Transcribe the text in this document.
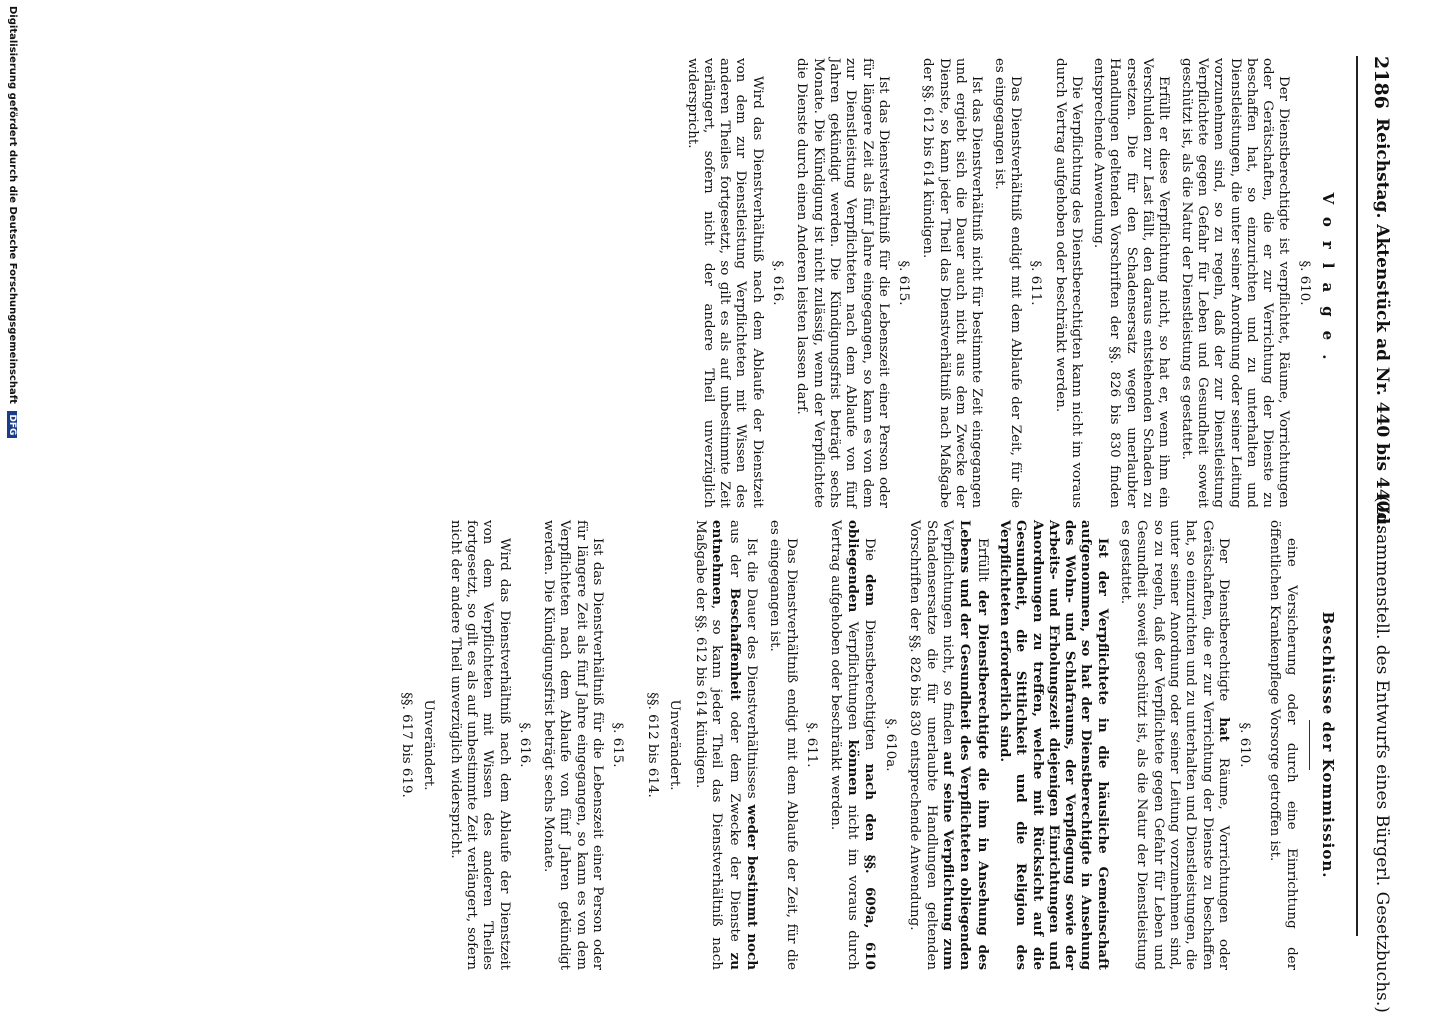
2186
Reichstag. Aktenstück ad Nr. 440 bis 440d.
(Zusammenstell. des Entwurfs eines Bürgerl. Gesetzbuchs.)
Vorlage.
§. 610.

Der Dienstberechtigte ist verpflichtet, Räume, Vorrichtungen oder Gerätschaften, die er zur Verrichtung der Dienste zu beschaffen hat, so einzurichten und zu unterhalten und Dienstleistungen, die unter seiner Anordnung oder seiner Leitung vorzunehmen sind, so zu regeln, daß der zur Dienstleistung Verpflichtete gegen Gefahr für Leben und Gesundheit soweit geschützt ist, als die Natur der Dienstleistung es gestattet.

Erfüllt er diese Verpflichtung nicht, so hat er, wenn ihm ein Verschulden zur Last fällt, den daraus entstehenden Schaden zu ersetzen. Die für den Schadensersatz wegen unerlaubter Handlungen geltenden Vorschriften der §§. 826 bis 830 finden entsprechende Anwendung.

Die Verpflichtung des Dienstberechtigten kann nicht im voraus durch Vertrag aufgehoben oder beschränkt werden.

§. 611.

Das Dienstverhältniß endigt mit dem Ablaufe der Zeit, für die es eingegangen ist.

Ist das Dienstverhältniß nicht für bestimmte Zeit eingegangen und ergiebt sich die Dauer auch nicht aus dem Zwecke der Dienste, so kann jeder Theil das Dienstverhältniß nach Maßgabe der §§. 612 bis 614 kündigen.

§. 615.

Ist das Dienstverhältniß für die Lebenszeit einer Person oder für längere Zeit als fünf Jahre eingegangen, so kann es von dem zur Dienstleistung Verpflichteten nach dem Ablaufe von fünf Jahren gekündigt werden. Die Kündigungsfrist beträgt sechs Monate. Die Kündigung ist nicht zulässig, wenn der Verpflichtete die Dienste durch einen Anderen leisten lassen darf.

§. 616.

Wird das Dienstverhältniß nach dem Ablaufe der Dienstzeit von dem zur Dienstleistung Verpflichteten mit Wissen des anderen Theiles fortgesetzt, so gilt es als auf unbestimmte Zeit verlängert, sofern nicht der andere Theil unverzüglich widerspricht.

Beschlüsse der Kommission.

eine Versicherung oder durch eine Einrichtung der öffentlichen Krankenpflege Vorsorge getroffen ist.

§. 610.

Der Dienstberechtigte hat Räume, Vorrichtungen oder Gerätschaften, die er zur Verrichtung der Dienste zu beschaffen hat, so einzurichten und zu unterhalten und Dienstleistungen, die unter seiner Anordnung oder seiner Leitung vorzunehmen sind, so zu regeln, daß der Verpflichtete gegen Gefahr für Leben und Gesundheit soweit geschützt ist, als die Natur der Dienstleistung es gestattet.

Ist der Verpflichtete in die häusliche Gemeinschaft aufgenommen, so hat der Dienstberechtigte in Ansehung des Wohn- und Schlafraums, der Verpflegung sowie der Arbeits- und Erholungszeit diejenigen Einrichtungen und Anordnungen zu treffen, welche mit Rücksicht auf die Gesundheit, die Sittlichkeit und die Religion des Verpflichteten erforderlich sind.

Erfüllt der Dienstberechtigte die ihm in Ansehung des Lebens und der Gesundheit des Verpflichteten obliegenden Verpflichtungen nicht, so finden auf seine Verpflichtung zum Schadensersatze die für unerlaubte Handlungen geltenden Vorschriften der §§. 826 bis 830 entsprechende Anwendung.

§. 610a.

Die dem Dienstberechtigten nach den §§. 609a, 610 obliegenden Verpflichtungen können nicht im voraus durch Vertrag aufgehoben oder beschränkt werden.

§. 611.

Das Dienstverhältniß endigt mit dem Ablaufe der Zeit, für die es eingegangen ist.

Ist die Dauer des Dienstverhältnisses weder bestimmt noch aus der Beschaffenheit oder dem Zwecke der Dienste zu entnehmen, so kann jeder Theil das Dienstverhältniß nach Maßgabe der §§. 612 bis 614 kündigen.

Unverändert.
§§. 612 bis 614.
§. 615.

Ist das Dienstverhältniß für die Lebenszeit einer Person oder für längere Zeit als fünf Jahre eingegangen, so kann es von dem Verpflichteten nach dem Ablaufe von fünf Jahren gekündigt werden. Die Kündigungsfrist beträgt sechs Monate.

§. 616.

Wird das Dienstverhältniß nach dem Ablaufe der Dienstzeit von dem Verpflichteten mit Wissen des anderen Theiles fortgesetzt, so gilt es als auf unbestimmte Zeit verlängert, sofern nicht der andere Theil unverzüglich widerspricht.

Unverändert.
§§. 617 bis 619.
Digitalisierung gefördert durch die Deutsche Forschungsgemeinschaft DFG
